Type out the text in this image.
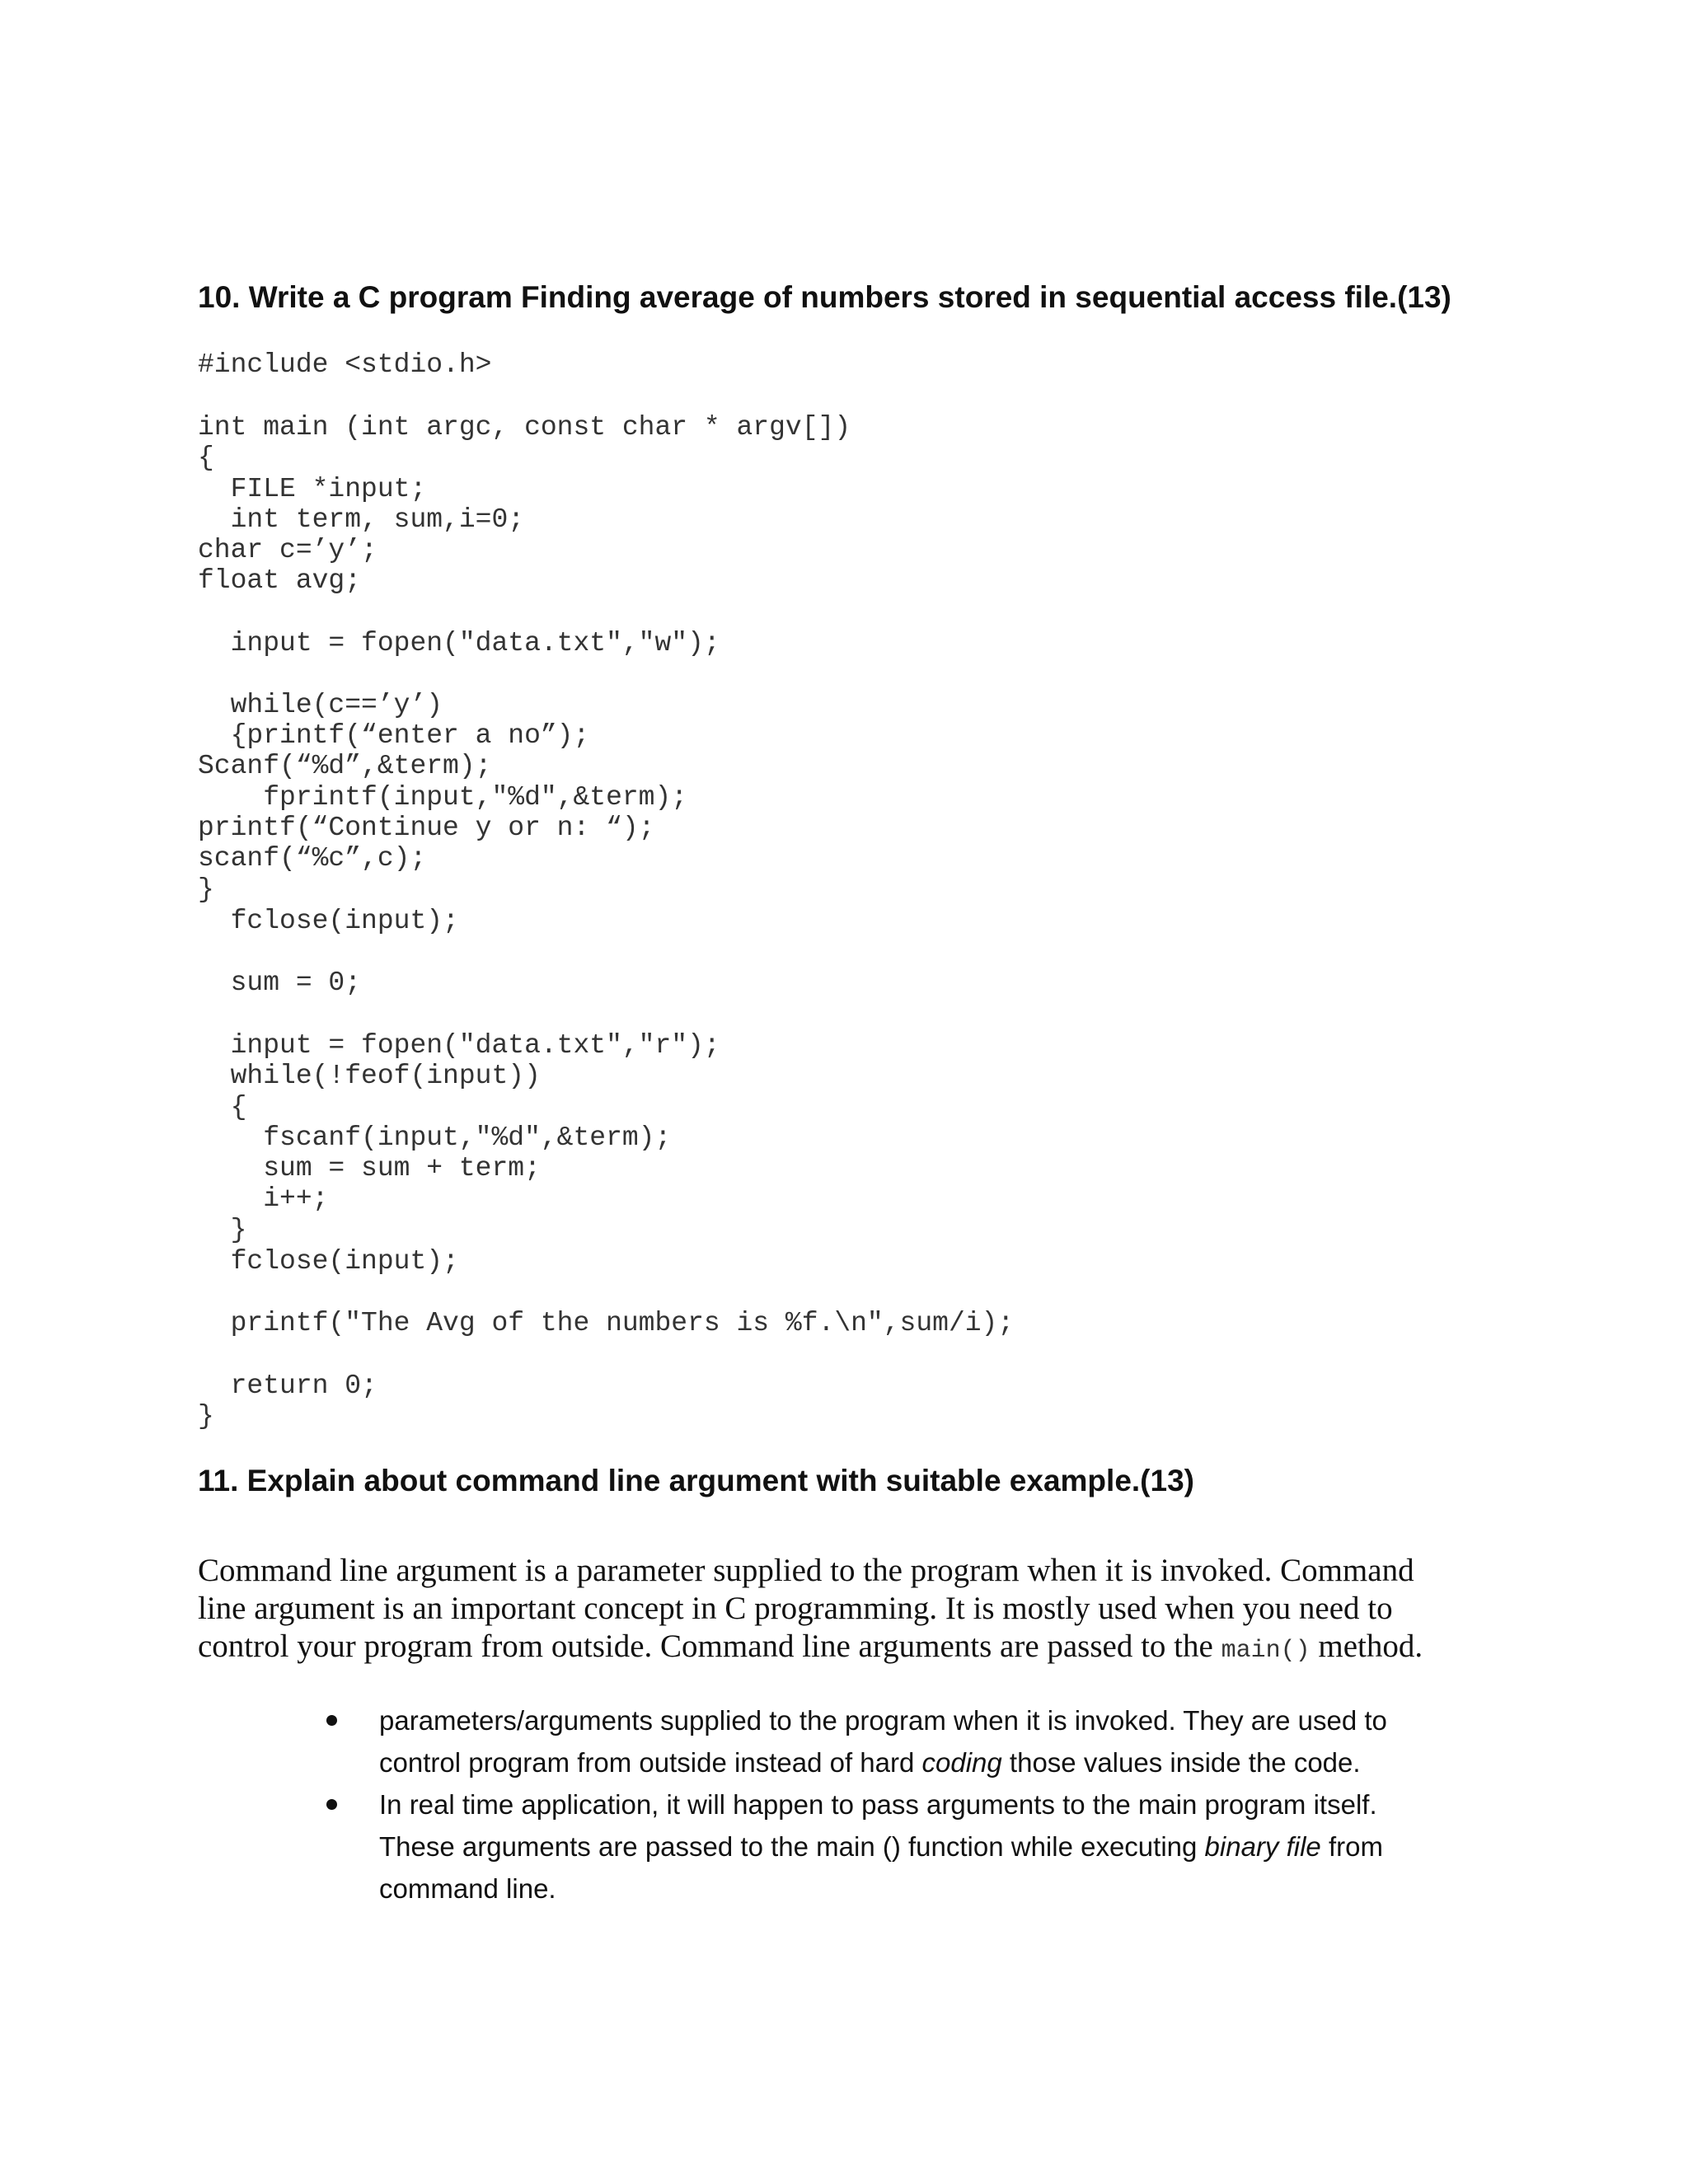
10. Write a C program Finding average of numbers stored in sequential access file.(13)
#include <stdio.h>
int main (int argc, const char * argv[])
{
FILE *input;
int term, sum,i=0;
char c=’y’;
float avg;
input = fopen("data.txt","w");
while(c==’y’)
{printf(“enter a no”);
Scanf(“%d”,&term);
fprintf(input,"%d",&term);
printf(“Continue y or n: “);
scanf(“%c”,c);
}
fclose(input);
sum = 0;
input = fopen("data.txt","r");
while(!feof(input))
{
fscanf(input,"%d",&term);
sum = sum + term;
i++;
}
fclose(input);
printf("The Avg of the numbers is %f.\n",sum/i);
return 0;
}
11. Explain about command line argument with suitable example.(13)

Command line argument is a parameter supplied to the program when it is invoked. Command
line argument is an important concept in C programming. It is mostly used when you need to
control your program from outside. Command line arguments are passed to the main() method.

parameters/arguments supplied to the program when it is invoked. They are used to
control program from outside instead of hard coding those values inside the code.
In real time application, it will happen to pass arguments to the main program itself.
These arguments are passed to the main () function while executing binary file from
command line.
